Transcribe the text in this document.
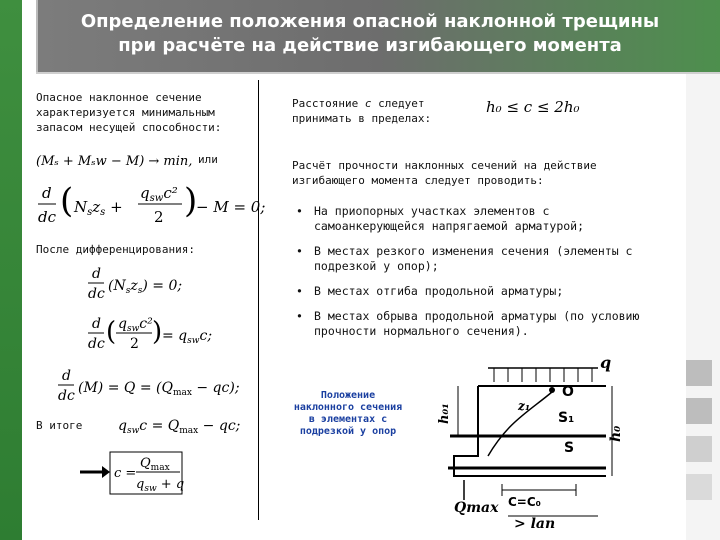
Определение положения опасной наклонной трещины
при расчёте на действие изгибающего момента
Опасное наклонное сечение
характеризуется минимальным
запасом несущей способности:
(Mₛ + Mₛw − M) → min, или
d
dc ( $N_sz_s$ +
$q_{sw}c^2$
2 )
− M = 0;
После дифференцирования:
d
dc $(N_sz_s) = 0$;
d
dc ( $q_{sw}c^2$
2 ) = $q_{sw}c$;
d
dc $(M) = Q = (Q_{max} - qc)$;
В итоге	$q_{sw}c = Q_{max}$ − qc;
c =
$Q_{max}$
$q_{sw} + q$
Расстояние c следует
принимать в пределах:
h₀ ≤ c ≤ 2h₀
Расчёт прочности наклонных сечений на действие
изгибающего момента следует проводить:
• На приопорных участках элементов с самоанкерующейся напрягаемой арматурой;
• В местах резкого изменения сечения (элементы с подрезкой у опор);
• В местах отгиба продольной арматуры;
• В местах обрыва продольной арматуры (по условию прочности нормального сечения).
Положение
наклонного сечения
в элементах с
подрезкой у опор
q
O
z₁
S₁
S
h₀₁
h₀
Qmax C=C₀
> lan
